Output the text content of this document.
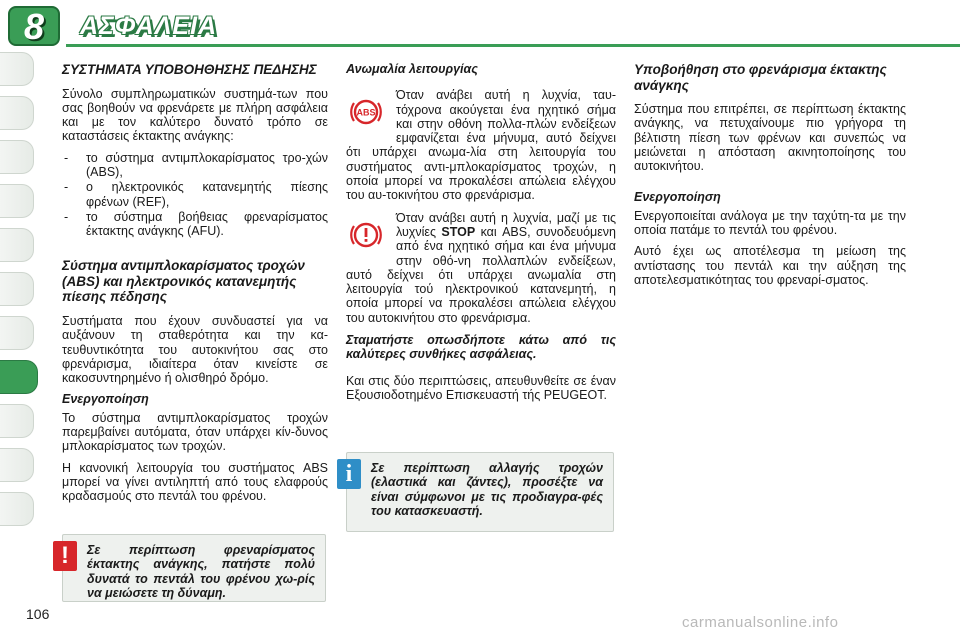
8	ΑΣΦΑΛΕΙΑ
ΣΥΣΤΗΜΑΤΑ ΥΠΟΒΟΗΘΗΣΗΣ ΠΕΔΗΣΗΣ

Σύνολο συμπληρωματικών συστημά-των που σας βοηθούν να φρενάρετε με πλήρη ασφάλεια και με τον καλύτερο δυνατό τρόπο σε καταστάσεις έκτακτης ανάγκης:

- το σύστημα αντιμπλοκαρίσματος τρο-χών (ABS),
- ο ηλεκτρονικός κατανεμητής πίεσης φρένων (REF),
- το σύστημα βοήθειας φρεναρίσματος έκτακτης ανάγκης (AFU).
Σύστημα αντιμπλοκαρίσματος τροχών (ABS) και ηλεκτρονικός κατανεμητής πίεσης πέδησης

Συστήματα που έχουν συνδυαστεί για να αυξάνουν τη σταθερότητα και την κα-τευθυντικότητα του αυτοκινήτου σας στο φρενάρισμα, ιδιαίτερα όταν κινείστε σε κακοσυντηρημένο ή ολισθηρό δρόμο.

Ενεργοποίηση

Το σύστημα αντιμπλοκαρίσματος τροχών παρεμβαίνει αυτόματα, όταν υπάρχει κίν-δυνος μπλοκαρίσματος των τροχών.

Η κανονική λειτουργία του συστήματος ABS μπορεί να γίνει αντιληπτή από τους ελαφρούς κραδασμούς στο πεντάλ του φρένου.

!	Σε περίπτωση φρεναρίσματος έκτακτης ανάγκης, πατήστε πολύ δυνατά το πεντάλ του φρένου χω-ρίς να μειώσετε τη δύναμη.
Ανωμαλία λειτουργίας
ABS

Όταν ανάβει αυτή η λυχνία, ταυ-τόχρονα ακούγεται ένα ηχητικό σήμα και στην οθόνη πολλα-πλών ενδείξεων εμφανίζεται ένα μήνυμα, αυτό δείχνει ότι υπάρχει ανωμα-λία στη λειτουργία του συστήματος αντι-μπλοκαρίσματος τροχών, η οποία μπορεί να προκαλέσει απώλεια ελέγχου του αυ-τοκινήτου στο φρενάρισμα.

Όταν ανάβει αυτή η λυχνία, μαζί με τις λυχνίες STOP και ABS, συνοδευόμενη από ένα ηχητικό σήμα και ένα μήνυμα στην οθό-νη πολλαπλών ενδείξεων, αυτό δείχνει ότι υπάρχει ανωμαλία στη λειτουργία τού ηλεκτρονικού κατανεμητή, η οποία μπορεί να προκαλέσει απώλεια ελέγχου του αυτοκινήτου στο φρενάρισμα.

Σταματήστε οπωσδήποτε κάτω από τις καλύτερες συνθήκες ασφάλειας.

Και στις δύο περιπτώσεις, απευθυνθείτε σε έναν Εξουσιοδοτημένο Επισκευαστή τής PEUGEOT.

i	Σε περίπτωση αλλαγής τροχών (ελαστικά και ζάντες), προσέξτε να είναι σύμφωνοι με τις προδιαγρα-φές του κατασκευαστή.
Υποβοήθηση στο φρενάρισμα έκτακτης ανάγκης

Σύστημα που επιτρέπει, σε περίπτωση έκτακτης ανάγκης, να πετυχαίνουμε πιο γρήγορα τη βέλτιστη πίεση των φρένων και συνεπώς να μειώνεται η απόσταση ακινητοποίησης του αυτοκινήτου.

Ενεργοποίηση

Ενεργοποιείται ανάλογα με την ταχύτη-τα με την οποία πατάμε το πεντάλ του φρένου.

Αυτό έχει ως αποτέλεσμα τη μείωση της αντίστασης του πεντάλ και την αύξηση της αποτελεσματικότητας του φρεναρί-σματος.

106	carmanualsonline.info
